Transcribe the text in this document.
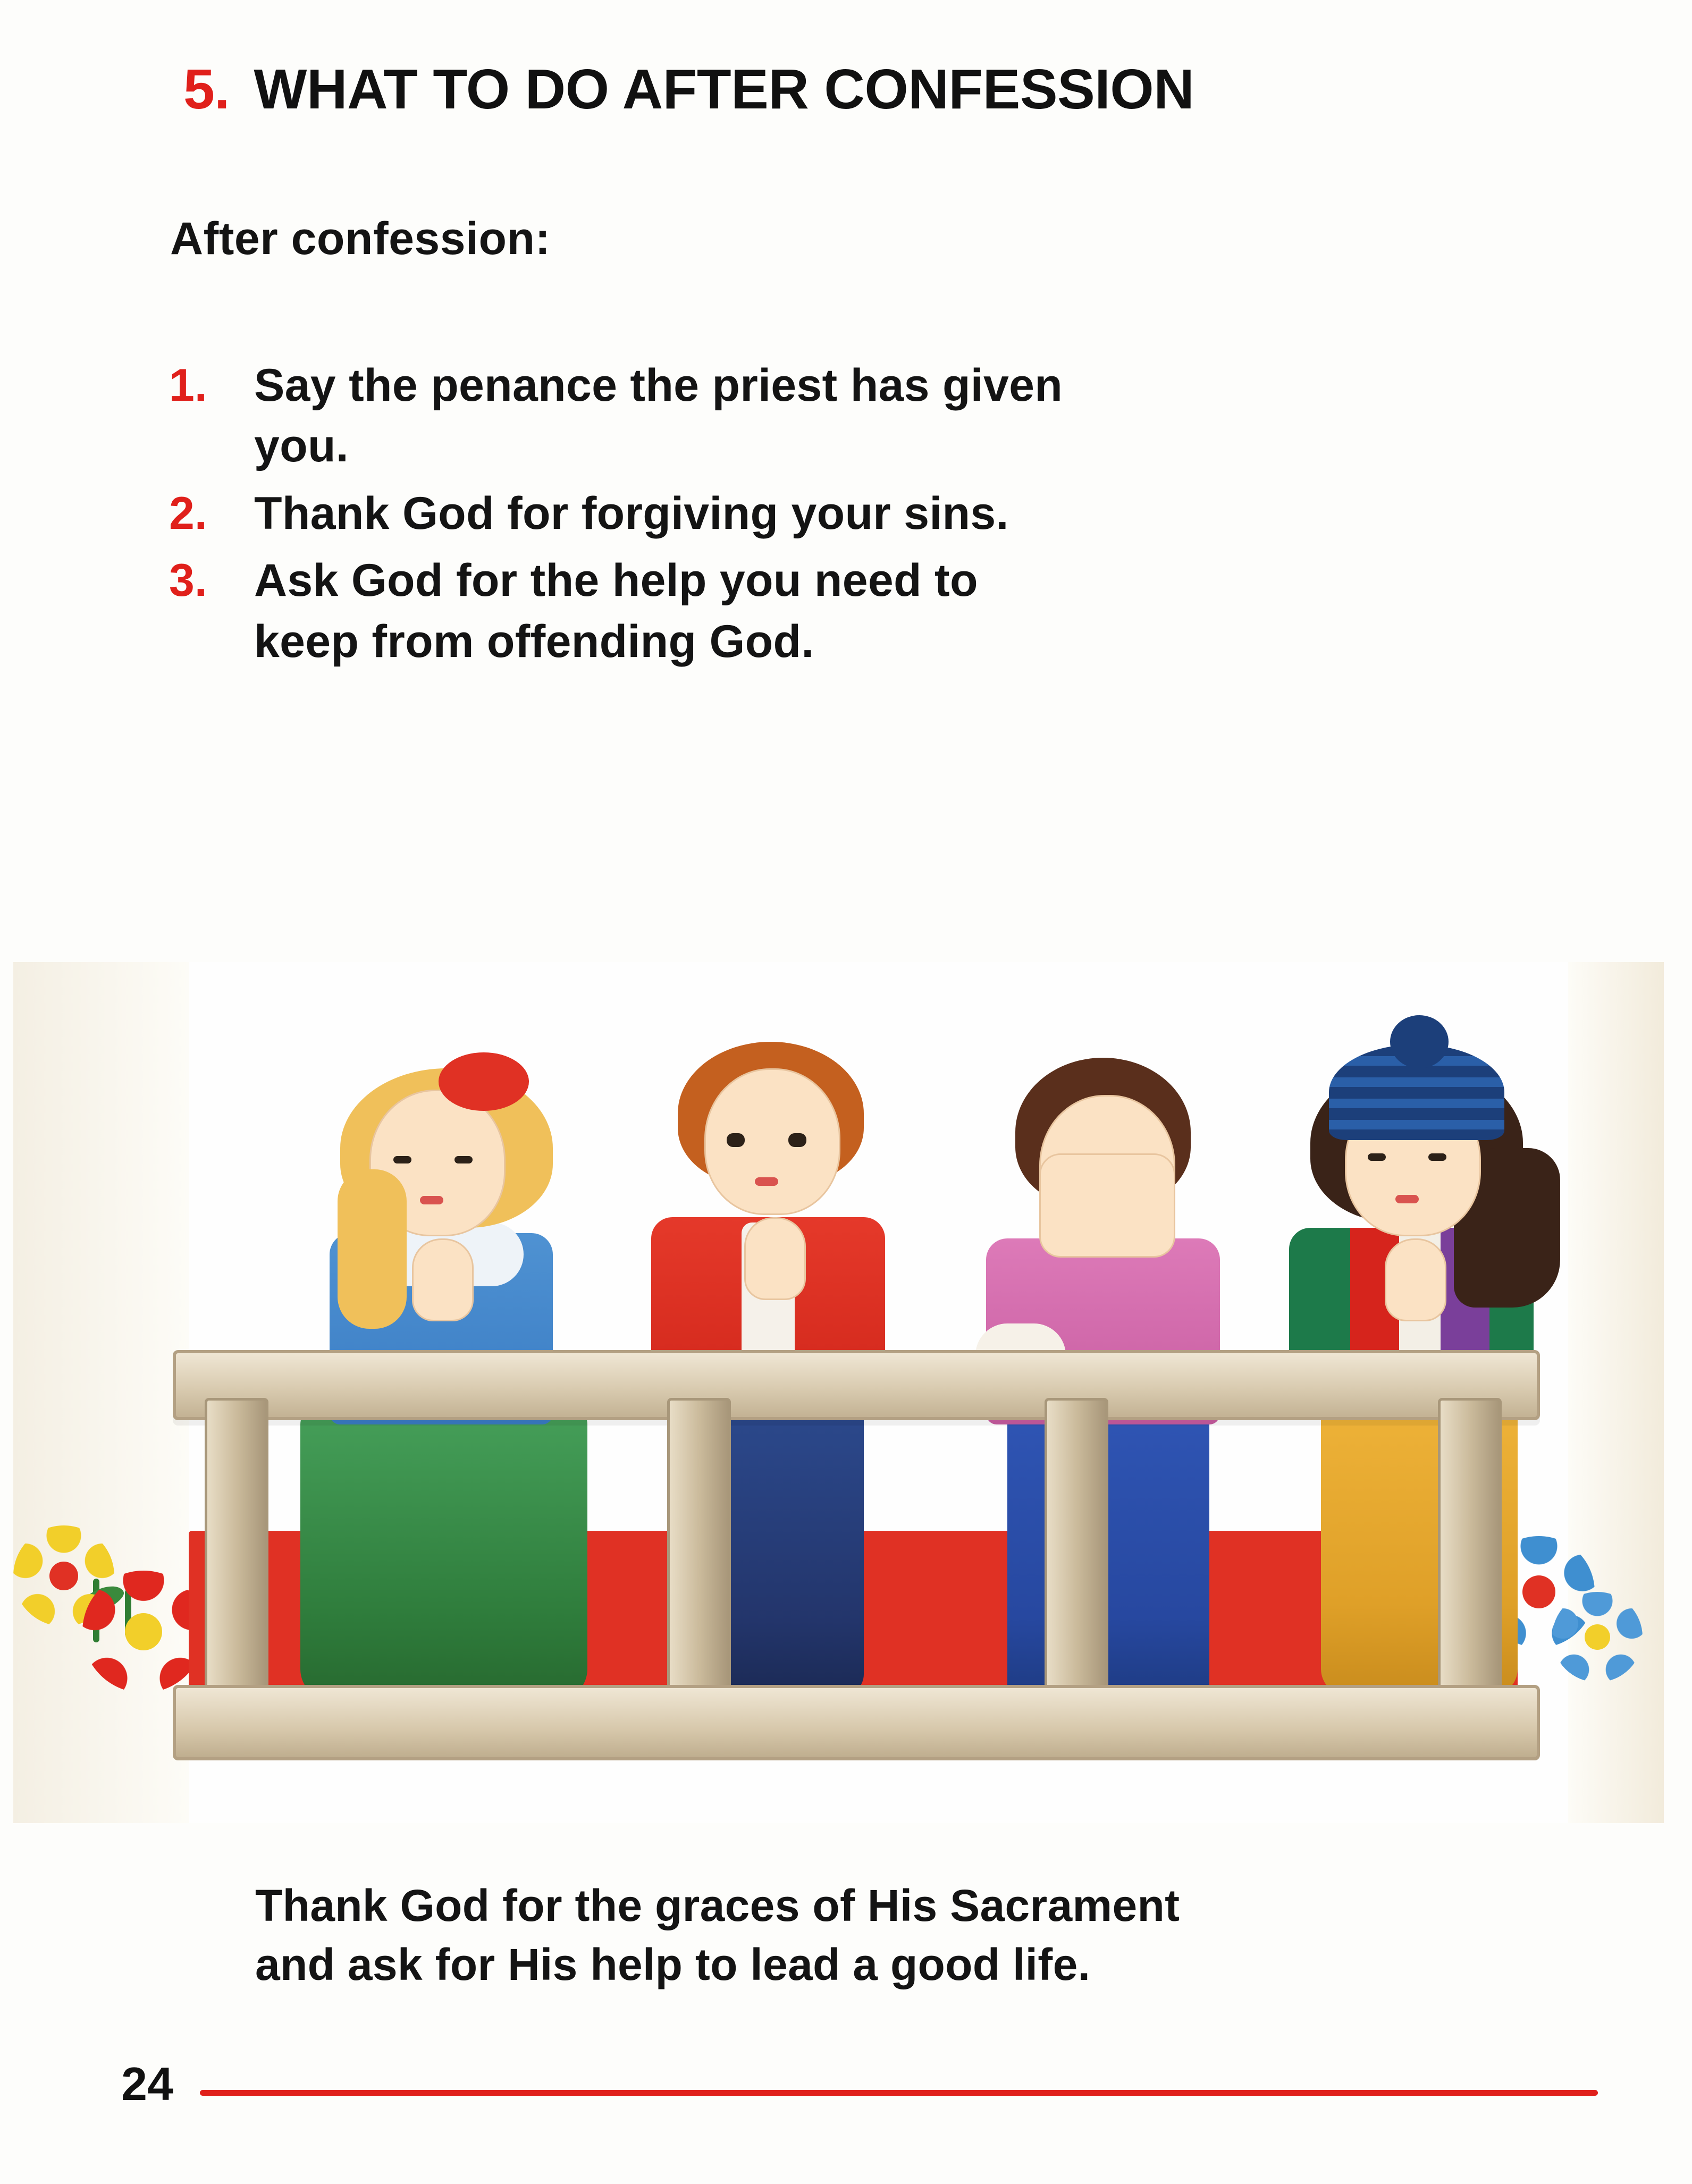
5. WHAT TO DO AFTER CONFESSION
After confession:
1.	Say the penance the priest has given
you.
2.	Thank God for forgiving your sins.
3.	Ask God for the help you need to
keep from offending God.
Thank God for the graces of His Sacrament
and ask for His help to lead a good life.
24
